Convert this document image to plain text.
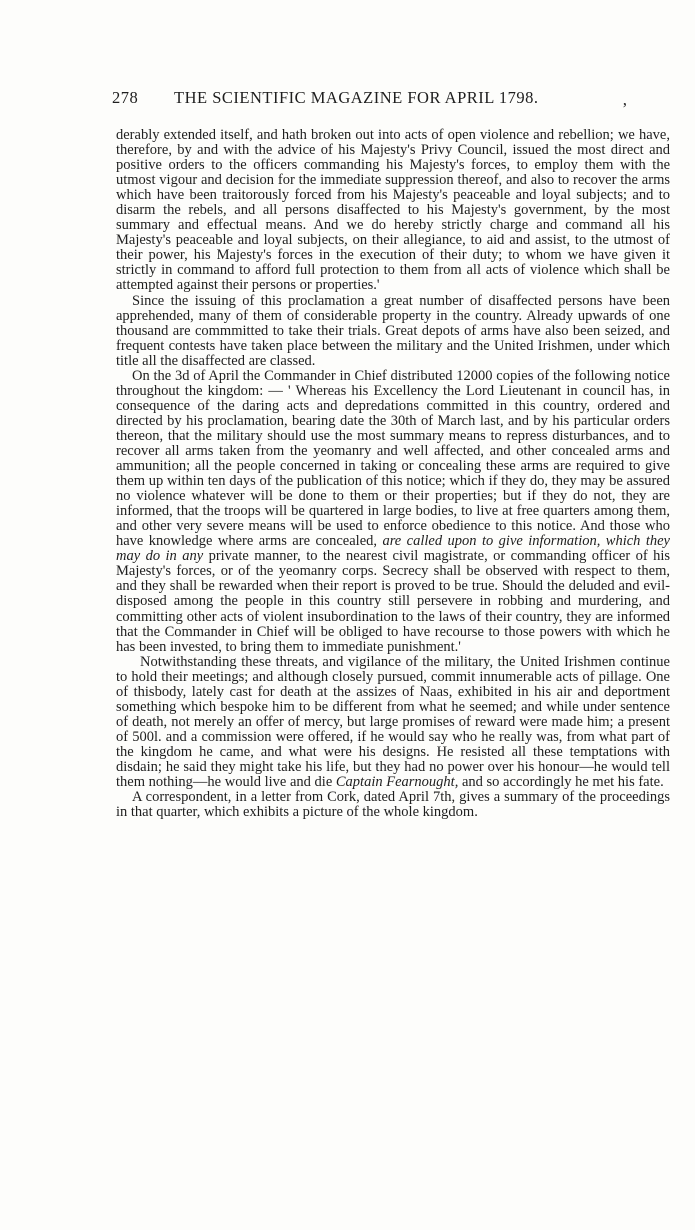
278 THE SCIENTIFIC MAGAZINE FOR APRIL 1798.	‚

derably extended itself, and hath broken out into acts of open violence and rebellion; we have, therefore, by and with the advice of his Majesty's Privy Council, issued the most direct and positive orders to the officers commanding his Majesty's forces, to employ them with the utmost vigour and decision for the immediate suppression thereof, and also to recover the arms which have been traitorously forced from his Majesty's peaceable and loyal subjects; and to disarm the rebels, and all persons disaffected to his Majesty's government, by the most summary and effectual means. And we do hereby strictly charge and command all his Majesty's peaceable and loyal subjects, on their allegiance, to aid and assist, to the utmost of their power, his Majesty's forces in the execution of their duty; to whom we have given it strictly in command to afford full protection to them from all acts of violence which shall be attempted against their persons or properties.'

Since the issuing of this proclamation a great number of disaffected persons have been apprehended, many of them of considerable property in the country. Already upwards of one thousand are commmitted to take their trials. Great depots of arms have also been seized, and frequent contests have taken place between the military and the United Irishmen, under which title all the disaffected are classed.

On the 3d of April the Commander in Chief distributed 12000 copies of the following notice throughout the kingdom: — ' Whereas his Excellency the Lord Lieutenant in council has, in consequence of the daring acts and depredations committed in this country, ordered and directed by his proclamation, bearing date the 30th of March last, and by his particular orders thereon, that the military should use the most summary means to repress disturbances, and to recover all arms taken from the yeomanry and well affected, and other concealed arms and ammunition; all the people concerned in taking or concealing these arms are required to give them up within ten days of the publication of this notice; which if they do, they may be assured no violence whatever will be done to them or their properties; but if they do not, they are informed, that the troops will be quartered in large bodies, to live at free quarters among them, and other very severe means will be used to enforce obedience to this notice. And those who have knowledge where arms are concealed, are called upon to give information, which they may do in any private manner, to the nearest civil magistrate, or commanding officer of his Majesty's forces, or of the yeomanry corps. Secrecy shall be observed with respect to them, and they shall be rewarded when their report is proved to be true. Should the deluded and evil-disposed among the people in this country still persevere in robbing and murdering, and committing other acts of violent insubordination to the laws of their country, they are informed that the Commander in Chief will be obliged to have recourse to those powers with which he has been invested, to bring them to immediate punishment.'

Notwithstanding these threats, and vigilance of the military, the United Irishmen continue to hold their meetings; and although closely pursued, commit innumerable acts of pillage. One of thisbody, lately cast for death at the assizes of Naas, exhibited in his air and deportment something which bespoke him to be different from what he seemed; and while under sentence of death, not merely an offer of mercy, but large promises of reward were made him; a present of 500l. and a commission were offered, if he would say who he really was, from what part of the kingdom he came, and what were his designs. He resisted all these temptations with disdain; he said they might take his life, but they had no power over his honour—he would tell them nothing—he would live and die Captain Fearnought, and so accordingly he met his fate.

A correspondent, in a letter from Cork, dated April 7th, gives a summary of the proceedings in that quarter, which exhibits a picture of the whole kingdom.
